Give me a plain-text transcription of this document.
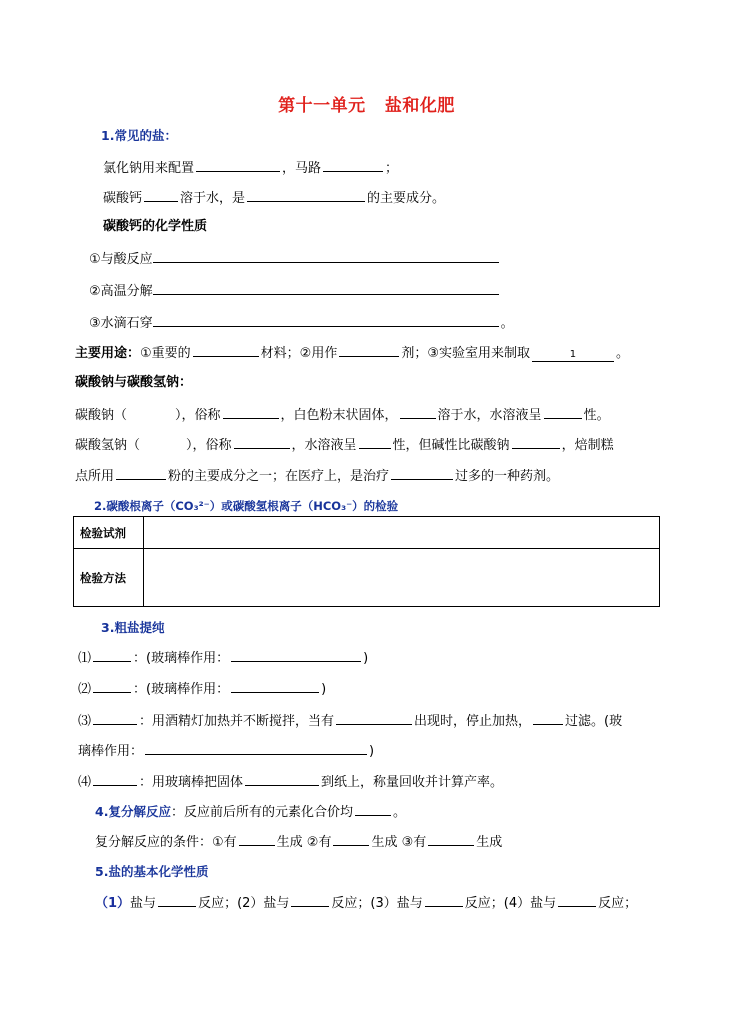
第十一单元   盐和化肥
1.常见的盐：
氯化钠用来配置	，马路	；
碳酸钙	溶于水，是	的主要成分。
碳酸钙的化学性质
①与酸反应
②高温分解
③水滴石穿	。
主要用途：①重要的	材料；②用作	剂；③实验室用来制取	1	。
碳酸钠与碳酸氢钠：
碳酸钠（	），俗称	，白色粉末状固体，	溶于水，水溶液呈	性。
碳酸氢钠（	），俗称	，水溶液呈	性，但碱性比碳酸钠	，焙制糕
点所用	粉的主要成分之一；在医疗上，是治疗	过多的一种药剂。
2.碳酸根离子（CO₃²⁻）或碳酸氢根离子（HCO₃⁻）的检验
检验试剂	
检验方法	
3.粗盐提纯
⑴	：(玻璃棒作用：	)
⑵	：(玻璃棒作用：	)
⑶	：用酒精灯加热并不断搅拌，当有	出现时，停止加热，	过滤。(玻
璃棒作用：	)
⑷	：用玻璃棒把固体	到纸上，称量回收并计算产率。
4.复分解反应：反应前后所有的元素化合价均	。
复分解反应的条件：①有	生成 ②有	生成 ③有	生成
5.盐的基本化学性质
（1）盐与	反应；(2）盐与	反应；(3）盐与	反应；(4）盐与	反应；
